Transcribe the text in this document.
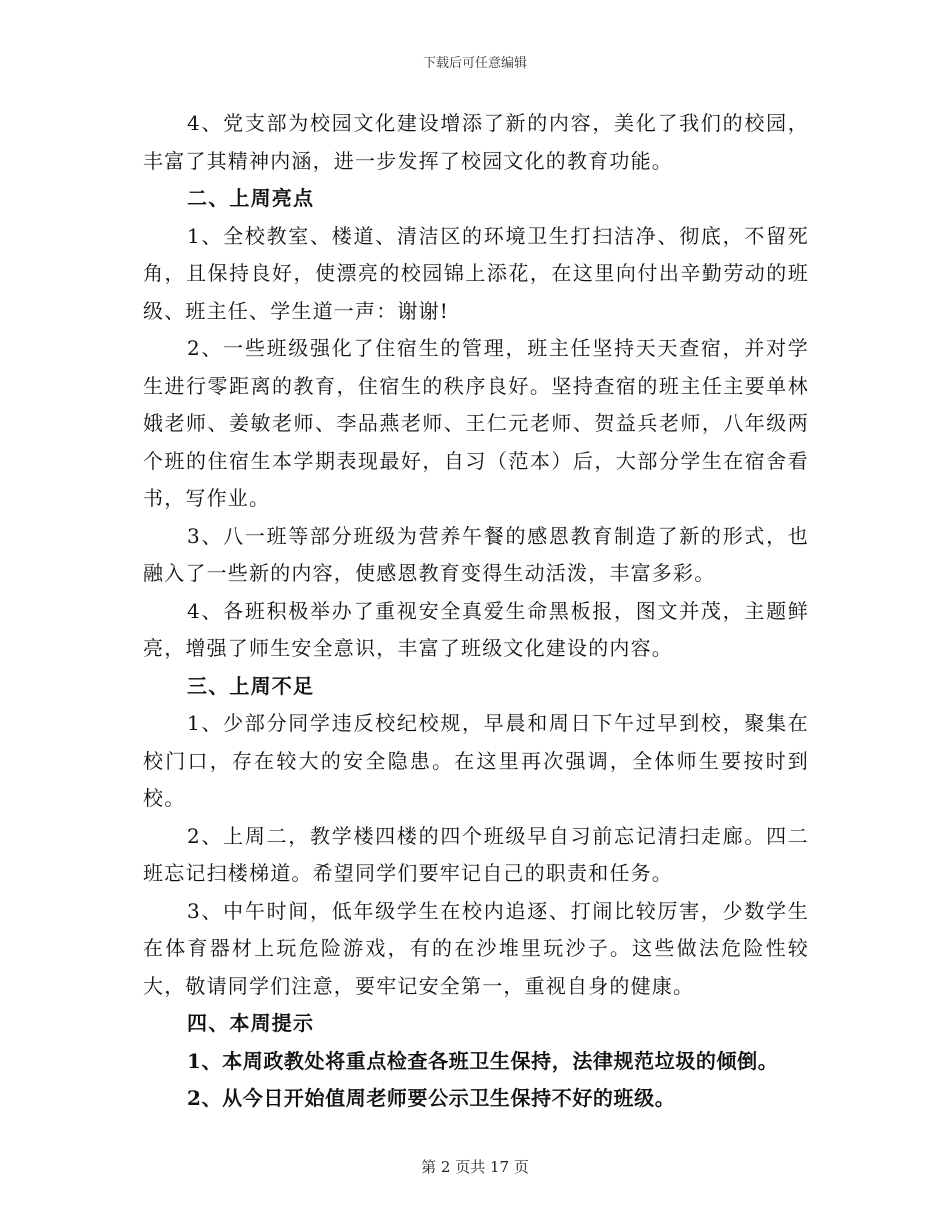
下载后可任意编辑

4、党支部为校园文化建设增添了新的内容，美化了我们的校园，丰富了其精神内涵，进一步发挥了校园文化的教育功能。

二、上周亮点

1、全校教室、楼道、清洁区的环境卫生打扫洁净、彻底，不留死角，且保持良好，使漂亮的校园锦上添花，在这里向付出辛勤劳动的班级、班主任、学生道一声：谢谢!

2、一些班级强化了住宿生的管理，班主任坚持天天查宿，并对学生进行零距离的教育，住宿生的秩序良好。坚持查宿的班主任主要单林娥老师、姜敏老师、李品燕老师、王仁元老师、贺益兵老师，八年级两个班的住宿生本学期表现最好，自习（范本）后，大部分学生在宿舍看书，写作业。

3、八一班等部分班级为营养午餐的感恩教育制造了新的形式，也融入了一些新的内容，使感恩教育变得生动活泼，丰富多彩。

4、各班积极举办了重视安全真爱生命黑板报，图文并茂，主题鲜亮，增强了师生安全意识，丰富了班级文化建设的内容。

三、上周不足

1、少部分同学违反校纪校规，早晨和周日下午过早到校，聚集在校门口，存在较大的安全隐患。在这里再次强调，全体师生要按时到校。

2、上周二，教学楼四楼的四个班级早自习前忘记清扫走廊。四二班忘记扫楼梯道。希望同学们要牢记自己的职责和任务。

3、中午时间，低年级学生在校内追逐、打闹比较厉害，少数学生在体育器材上玩危险游戏，有的在沙堆里玩沙子。这些做法危险性较大，敬请同学们注意，要牢记安全第一，重视自身的健康。

四、本周提示

1、本周政教处将重点检查各班卫生保持，法律规范垃圾的倾倒。

2、从今日开始值周老师要公示卫生保持不好的班级。

第 2 页共 17 页
